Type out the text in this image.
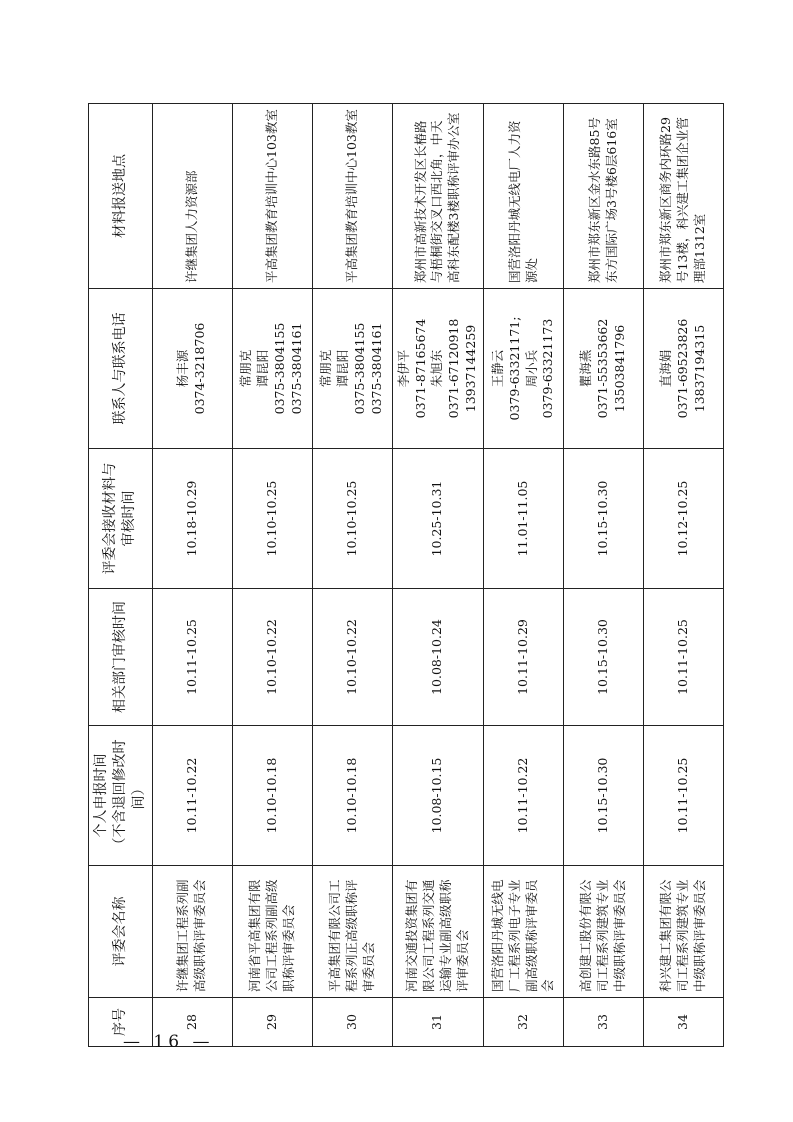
序号	评委会名称	个人申报时间
（不含退回修改时间）	相关部门审核时间	评委会接收材料与
审核时间	联系人与联系电话	材料报送地点
28	许继集团工程系列副高级职称评审委员会	10.11-10.22	10.11-10.25	10.18-10.29	杨丰源
0374-3218706	许继集团人力资源部
29	河南省平高集团有限公司工程系列副高级职称评审委员会	10.10-10.18	10.10-10.22	10.10-10.25	常朋克
谭昆阳
0375-3804155
0375-3804161	平高集团教育培训中心103教室
30	平高集团有限公司工程系列正高级职称评审委员会	10.10-10.18	10.10-10.22	10.10-10.25	常朋克
谭昆阳
0375-3804155
0375-3804161	平高集团教育培训中心103教室
31	河南交通投资集团有限公司工程系列交通运输专业副高级职称评审委员会	10.08-10.15	10.08-10.24	10.25-10.31	李伊平
0371-87165674
朱旭东
0371-67120918
13937144259	郑州市高新技术开发区长椿路与梧桐街交叉口西北角，中天高科东配楼3楼职称评审办公室
32	国营洛阳丹城无线电厂工程系列电子专业副高级职称评审委员会	10.11-10.22	10.11-10.29	11.01-11.05	王静云
0379-63321171;
周小兵
0379-63321173	国营洛阳丹城无线电厂人力资源处
33	高创建工股份有限公司工程系列建筑专业中级职称评审委员会	10.15-10.30	10.15-10.30	10.15-10.30	瞿海燕
0371-55353662
13503841796	郑州市郑东新区金水东路85号东方国际广场3号楼6层616室
34	科兴建工集团有限公司工程系列建筑专业中级职称评审委员会	10.11-10.25	10.11-10.25	10.12-10.25	直海娟
0371-69523826
13837194315	郑州市郑东新区商务内环路29号13楼，科兴建工集团企业管理部1312室
— 16 —
